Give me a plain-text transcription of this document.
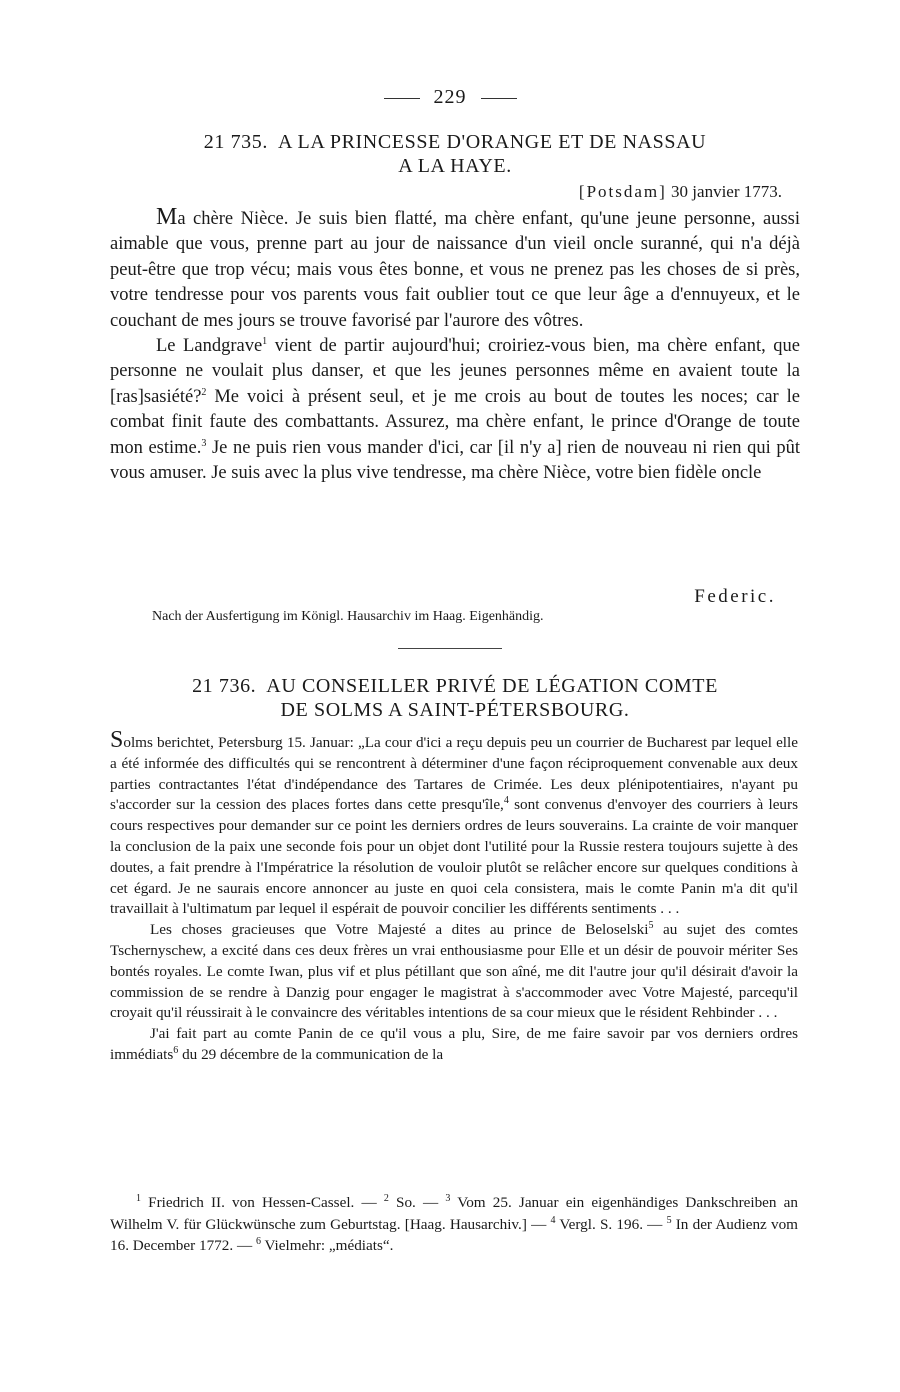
229
21 735. A LA PRINCESSE D'ORANGE ET DE NASSAU
A LA HAYE.
[Potsdam] 30 janvier 1773.

Ma chère Nièce. Je suis bien flatté, ma chère enfant, qu'une jeune personne, aussi aimable que vous, prenne part au jour de naissance d'un vieil oncle suranné, qui n'a déjà peut-être que trop vécu; mais vous êtes bonne, et vous ne prenez pas les choses de si près, votre tendresse pour vos parents vous fait oublier tout ce que leur âge a d'ennuyeux, et le couchant de mes jours se trouve favorisé par l'aurore des vôtres.

Le Landgrave$^1$ vient de partir aujourd'hui; croiriez-vous bien, ma chère enfant, que personne ne voulait plus danser, et que les jeunes personnes même en avaient toute la [ras]sasiété?$^2$ Me voici à présent seul, et je me crois au bout de toutes les noces; car le combat finit faute des combattants. Assurez, ma chère enfant, le prince d'Orange de toute mon estime.$^3$ Je ne puis rien vous mander d'ici, car [il n'y a] rien de nouveau ni rien qui pût vous amuser. Je suis avec la plus vive tendresse, ma chère Nièce, votre bien fidèle oncle

Federic.
Nach der Ausfertigung im Königl. Hausarchiv im Haag. Eigenhändig.
21 736. AU CONSEILLER PRIVÉ DE LÉGATION COMTE
DE SOLMS A SAINT-PÉTERSBOURG.

Solms berichtet, Petersburg 15. Januar: „La cour d'ici a reçu depuis peu un courrier de Bucharest par lequel elle a été informée des difficultés qui se rencontrent à déterminer d'une façon réciproquement convenable aux deux parties contractantes l'état d'indépendance des Tartares de Crimée. Les deux plénipotentiaires, n'ayant pu s'accorder sur la cession des places fortes dans cette presqu'île,$^4$ sont convenus d'envoyer des courriers à leurs cours respectives pour demander sur ce point les derniers ordres de leurs souverains. La crainte de voir manquer la conclusion de la paix une seconde fois pour un objet dont l'utilité pour la Russie restera toujours sujette à des doutes, a fait prendre à l'Impératrice la résolution de vouloir plutôt se relâcher encore sur quelques conditions à cet égard. Je ne saurais encore annoncer au juste en quoi cela consistera, mais le comte Panin m'a dit qu'il travaillait à l'ultimatum par lequel il espérait de pouvoir concilier les différents sentiments . . .

Les choses gracieuses que Votre Majesté a dites au prince de Beloselski$^5$ au sujet des comtes Tschernyschew, a excité dans ces deux frères un vrai enthousiasme pour Elle et un désir de pouvoir mériter Ses bontés royales. Le comte Iwan, plus vif et plus pétillant que son aîné, me dit l'autre jour qu'il désirait d'avoir la commission de se rendre à Danzig pour engager le magistrat à s'accommoder avec Votre Majesté, parcequ'il croyait qu'il réussirait à le convaincre des véritables intentions de sa cour mieux que le résident Rehbinder . . .

J'ai fait part au comte Panin de ce qu'il vous a plu, Sire, de me faire savoir par vos derniers ordres immédiats$^6$ du 29 décembre de la communication de la

$^1$ Friedrich II. von Hessen-Cassel. — $^2$ So. — $^3$ Vom 25. Januar ein eigenhändiges Dankschreiben an Wilhelm V. für Glückwünsche zum Geburtstag. [Haag. Hausarchiv.] — $^4$ Vergl. S. 196. — $^5$ In der Audienz vom 16. December 1772. — $^6$ Vielmehr: „médiats“.
